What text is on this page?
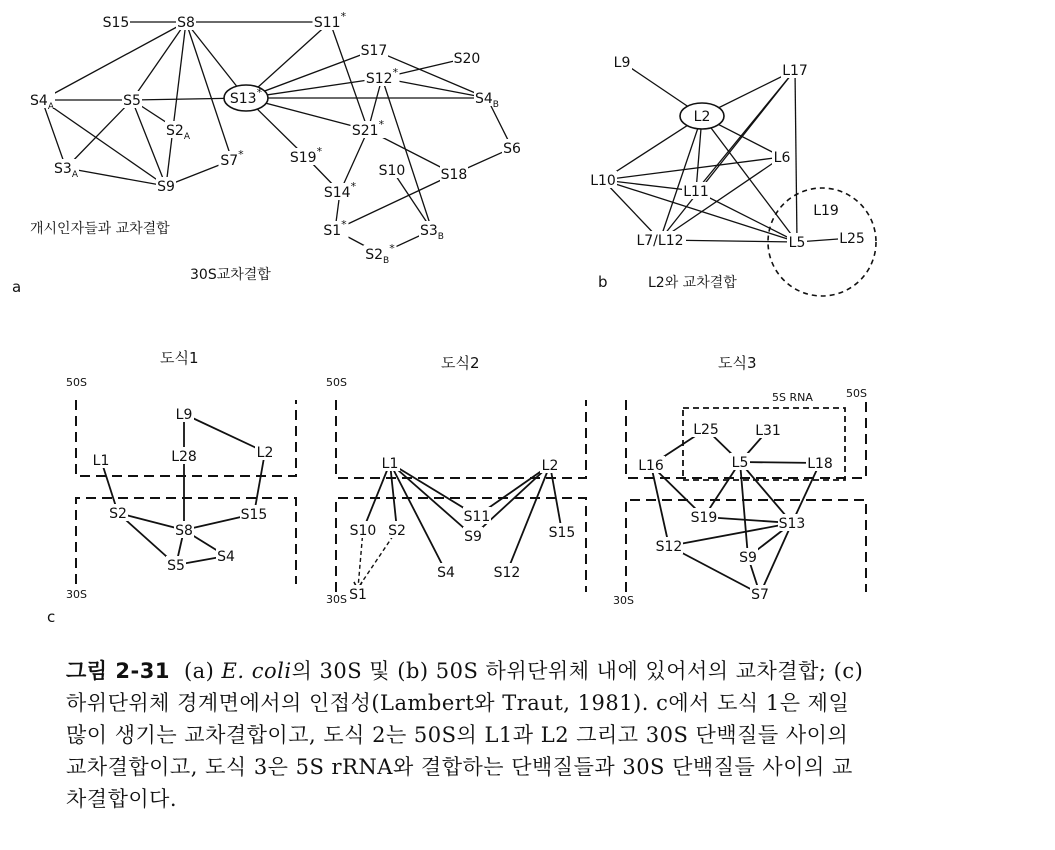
S15	S8	S11*
S17	S20
S12*
$S4_A$	S5	S13*	$S4_B$
$S2_A$	S21*
S6
$S3_A$
S7*	S19*
S10
S9
S18
S14*
S1*	$S3_B$
$S2_B^*$
L9	L17
L2
L6
L10
L11
L19
L7/L12	L5 L25
L9
L28	L2
L1
S2
S8
S15
S5
S4
L1	L2
S10 S2
S11
S9	S15
S4	S12
S1
L25	L31
L16	L5	L18
S19	S13
S12
S9
S7
a
개시인자들과 교차결합
30S교차결합	b	L2와 교차결합
c
도식1	도식2	도식3
50S
30S
50S
30S
50S
30S
5S RNA
그림 2-31 (a) E. coli의 30S 및 (b) 50S 하위단위체 내에 있어서의 교차결합; (c) 하위단위체 경계면에서의 인접성(Lambert와 Traut, 1981). c에서 도식 1은 제일 많이 생기는 교차결합이고, 도식 2는 50S의 L1과 L2 그리고 30S 단백질들 사이의 교차결합이고, 도식 3은 5S rRNA와 결합하는 단백질들과 30S 단백질들 사이의 교차결합이다.
